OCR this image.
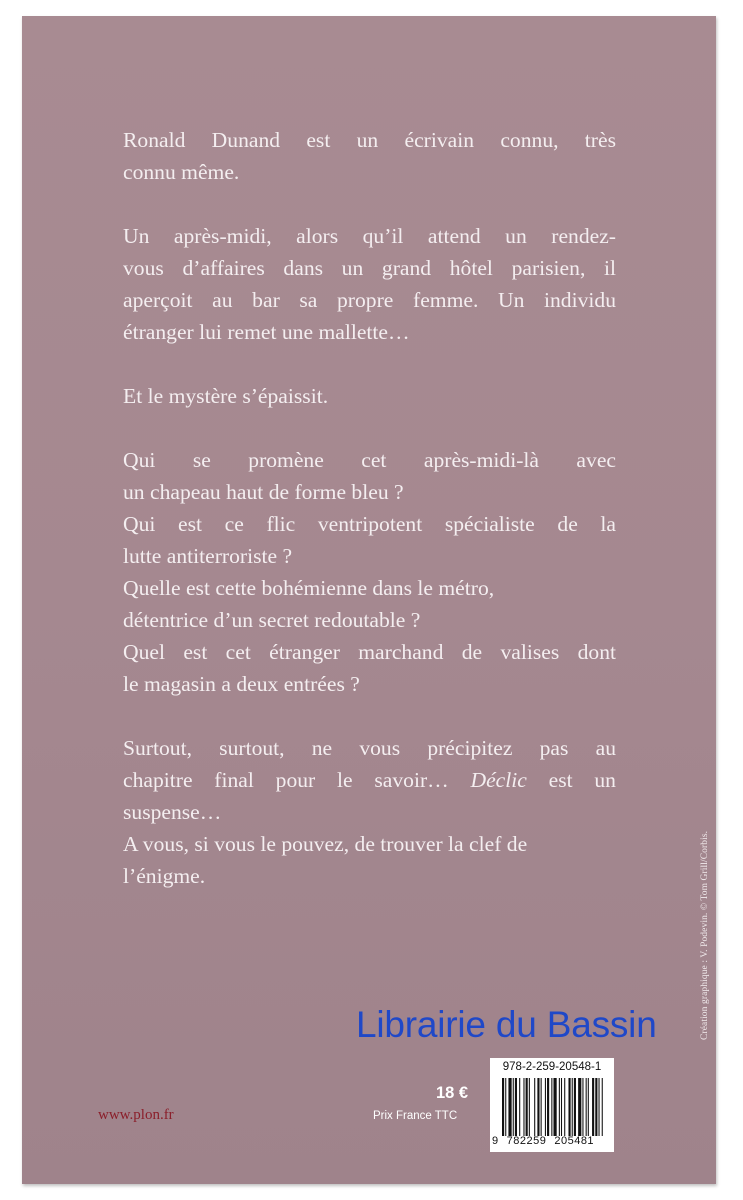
Ronald Dunand est un écrivain connu, très

connu même.

Un après-midi, alors qu’il attend un rendez-

vous d’affaires dans un grand hôtel parisien, il

aperçoit au bar sa propre femme. Un individu

étranger lui remet une mallette…

Et le mystère s’épaissit.

Qui se promène cet après-midi-là avec

un chapeau haut de forme bleu ?

Qui est ce flic ventripotent spécialiste de la

lutte antiterroriste ?

Quelle est cette bohémienne dans le métro,

détentrice d’un secret redoutable ?

Quel est cet étranger marchand de valises dont

le magasin a deux entrées ?

Surtout, surtout, ne vous précipitez pas au

chapitre final pour le savoir… Déclic est un

suspense…

A vous, si vous le pouvez, de trouver la clef de

l’énigme.	Création graphique : V. Podevin. © Tom Grill/Corbis.
Librairie du Bassin
www.plon.fr
18 €
Prix France TTC
978-2-259-20548-1
9 782259 205481
